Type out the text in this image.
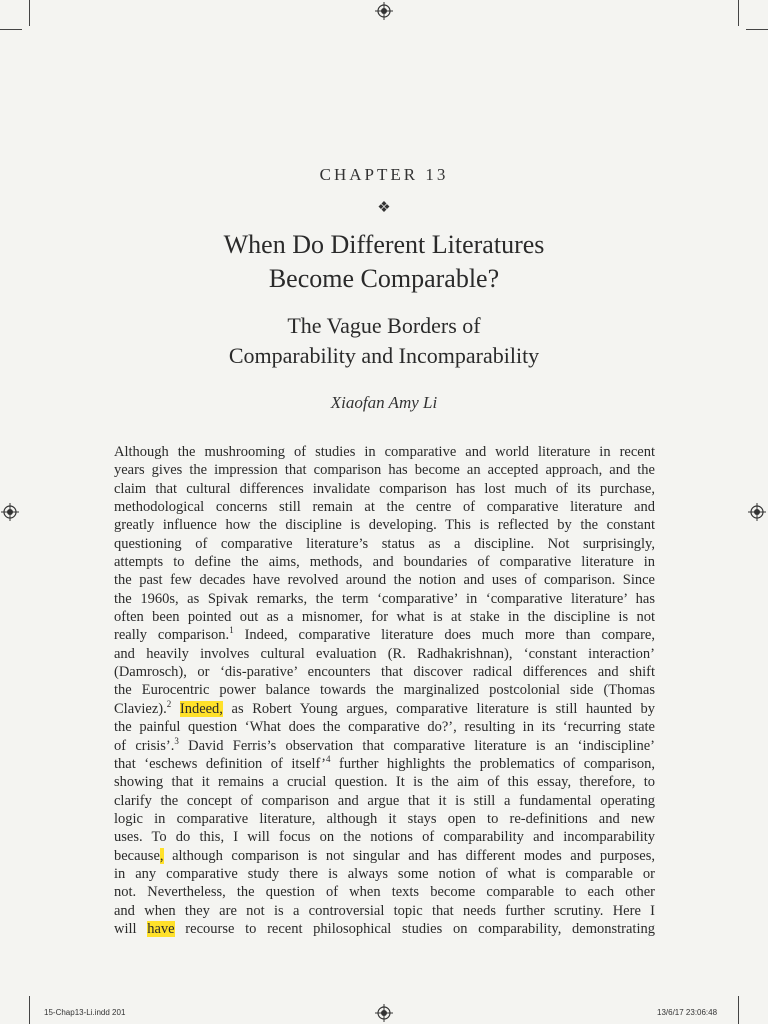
CHAPTER 13
❖
When Do Different Literatures
Become Comparable?
The Vague Borders of
Comparability and Incomparability
Xiaofan Amy Li
Although the mushrooming of studies in comparative and world literature in recent
years gives the impression that comparison has become an accepted approach, and the
claim that cultural differences invalidate comparison has lost much of its purchase,
methodological concerns still remain at the centre of comparative literature and
greatly influence how the discipline is developing. This is reflected by the constant
questioning of comparative literature’s status as a discipline. Not surprisingly,
attempts to define the aims, methods, and boundaries of comparative literature in
the past few decades have revolved around the notion and uses of comparison. Since
the 1960s, as Spivak remarks, the term ‘comparative’ in ‘comparative literature’ has
often been pointed out as a misnomer, for what is at stake in the discipline is not
really comparison.$^1$ Indeed, comparative literature does much more than compare,
and heavily involves cultural evaluation (R. Radhakrishnan), ‘constant interaction’
(Damrosch), or ‘dis-parative’ encounters that discover radical differences and shift
the Eurocentric power balance towards the marginalized postcolonial side (Thomas
Claviez).$^2$ Indeed, as Robert Young argues, comparative literature is still haunted by
the painful question ‘What does the comparative do?’, resulting in its ‘recurring state
of crisis’.$^3$ David Ferris’s observation that comparative literature is an ‘indiscipline’
that ‘eschews definition of itself’$^4$ further highlights the problematics of comparison,
showing that it remains a crucial question. It is the aim of this essay, therefore, to
clarify the concept of comparison and argue that it is still a fundamental operating
logic in comparative literature, although it stays open to re-definitions and new
uses. To do this, I will focus on the notions of comparability and incomparability
because, although comparison is not singular and has different modes and purposes,
in any comparative study there is always some notion of what is comparable or
not. Nevertheless, the question of when texts become comparable to each other
and when they are not is a controversial topic that needs further scrutiny. Here I
will have recourse to recent philosophical studies on comparability, demonstrating
15-Chap13-Li.indd 201	13/6/17 23:06:48
